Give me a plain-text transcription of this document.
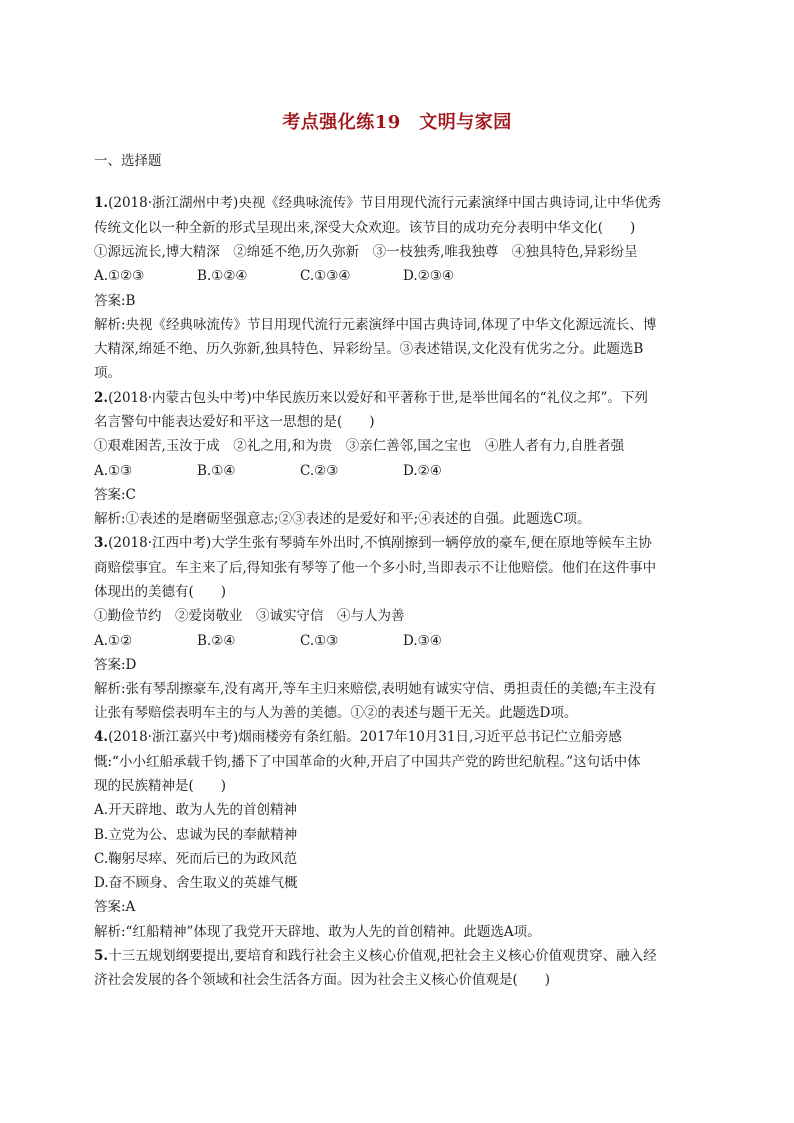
考点强化练19　文明与家园
一、选择题
1.(2018·浙江湖州中考)央视《经典咏流传》节目用现代流行元素演绎中国古典诗词,让中华优秀
传统文化以一种全新的形式呈现出来,深受大众欢迎。该节目的成功充分表明中华文化(　　)
①源远流长,博大精深　②绵延不绝,历久弥新　③一枝独秀,唯我独尊　④独具特色,异彩纷呈
A.①②③	B.①②④	C.①③④	D.②③④
答案:B
解析:央视《经典咏流传》节目用现代流行元素演绎中国古典诗词,体现了中华文化源远流长、博
大精深,绵延不绝、历久弥新,独具特色、异彩纷呈。③表述错误,文化没有优劣之分。此题选B
项。
2.(2018·内蒙古包头中考)中华民族历来以爱好和平著称于世,是举世闻名的“礼仪之邦”。下列
名言警句中能表达爱好和平这一思想的是(　　)
①艰难困苦,玉汝于成　②礼之用,和为贵　③亲仁善邻,国之宝也　④胜人者有力,自胜者强
A.①③	B.①④	C.②③	D.②④
答案:C
解析:①表述的是磨砺坚强意志;②③表述的是爱好和平;④表述的自强。此题选C项。
3.(2018·江西中考)大学生张有琴骑车外出时,不慎剐擦到一辆停放的豪车,便在原地等候车主协
商赔偿事宜。车主来了后,得知张有琴等了他一个多小时,当即表示不让他赔偿。他们在这件事中
体现出的美德有(　　)
①勤俭节约　②爱岗敬业　③诚实守信　④与人为善
A.①②	B.②④	C.①③	D.③④
答案:D
解析:张有琴刮擦豪车,没有离开,等车主归来赔偿,表明她有诚实守信、勇担责任的美德;车主没有
让张有琴赔偿表明车主的与人为善的美德。①②的表述与题干无关。此题选D项。
4.(2018·浙江嘉兴中考)烟雨楼旁有条红船。2017年10月31日,习近平总书记伫立船旁感
慨:“小小红船承载千钧,播下了中国革命的火种,开启了中国共产党的跨世纪航程。”这句话中体
现的民族精神是(　　)
A.开天辟地、敢为人先的首创精神
B.立党为公、忠诚为民的奉献精神
C.鞠躬尽瘁、死而后已的为政风范
D.奋不顾身、舍生取义的英雄气概
答案:A
解析:“红船精神”体现了我党开天辟地、敢为人先的首创精神。此题选A项。
5.十三五规划纲要提出,要培育和践行社会主义核心价值观,把社会主义核心价值观贯穿、融入经
济社会发展的各个领域和社会生活各方面。因为社会主义核心价值观是(　　)
